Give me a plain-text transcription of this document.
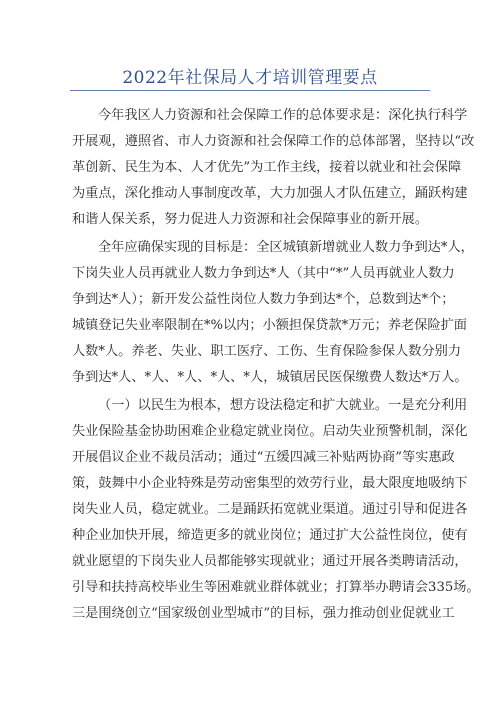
2022年社保局人才培训管理要点
今年我区人力资源和社会保障工作的总体要求是：深化执行科学
开展观，遵照省、市人力资源和社会保障工作的总体部署，坚持以“改
革创新、民生为本、人才优先”为工作主线，接着以就业和社会保障
为重点，深化推动人事制度改革，大力加强人才队伍建立，踊跃构建
和谐人保关系，努力促进人力资源和社会保障事业的新开展。
全年应确保实现的目标是：全区城镇新增就业人数力争到达*人，
下岗失业人员再就业人数力争到达*人（其中“*”人员再就业人数力
争到达*人）；新开发公益性岗位人数力争到达*个，总数到达*个；
城镇登记失业率限制在*%以内；小额担保贷款*万元；养老保险扩面
人数*人。养老、失业、职工医疗、工伤、生育保险参保人数分别力
争到达*人、*人、*人、*人、*人，城镇居民医保缴费人数达*万人。
（一）以民生为根本，想方设法稳定和扩大就业。一是充分利用
失业保险基金协助困难企业稳定就业岗位。启动失业预警机制，深化
开展倡议企业不裁员活动；通过“五缓四减三补贴两协商”等实惠政
策，鼓舞中小企业特殊是劳动密集型的效劳行业，最大限度地吸纳下
岗失业人员，稳定就业。二是踊跃拓宽就业渠道。通过引导和促进各
种企业加快开展，缔造更多的就业岗位；通过扩大公益性岗位，使有
就业愿望的下岗失业人员都能够实现就业；通过开展各类聘请活动，
引导和扶持高校毕业生等困难就业群体就业；打算举办聘请会335场。
三是围绕创立“国家级创业型城市”的目标，强力推动创业促就业工
